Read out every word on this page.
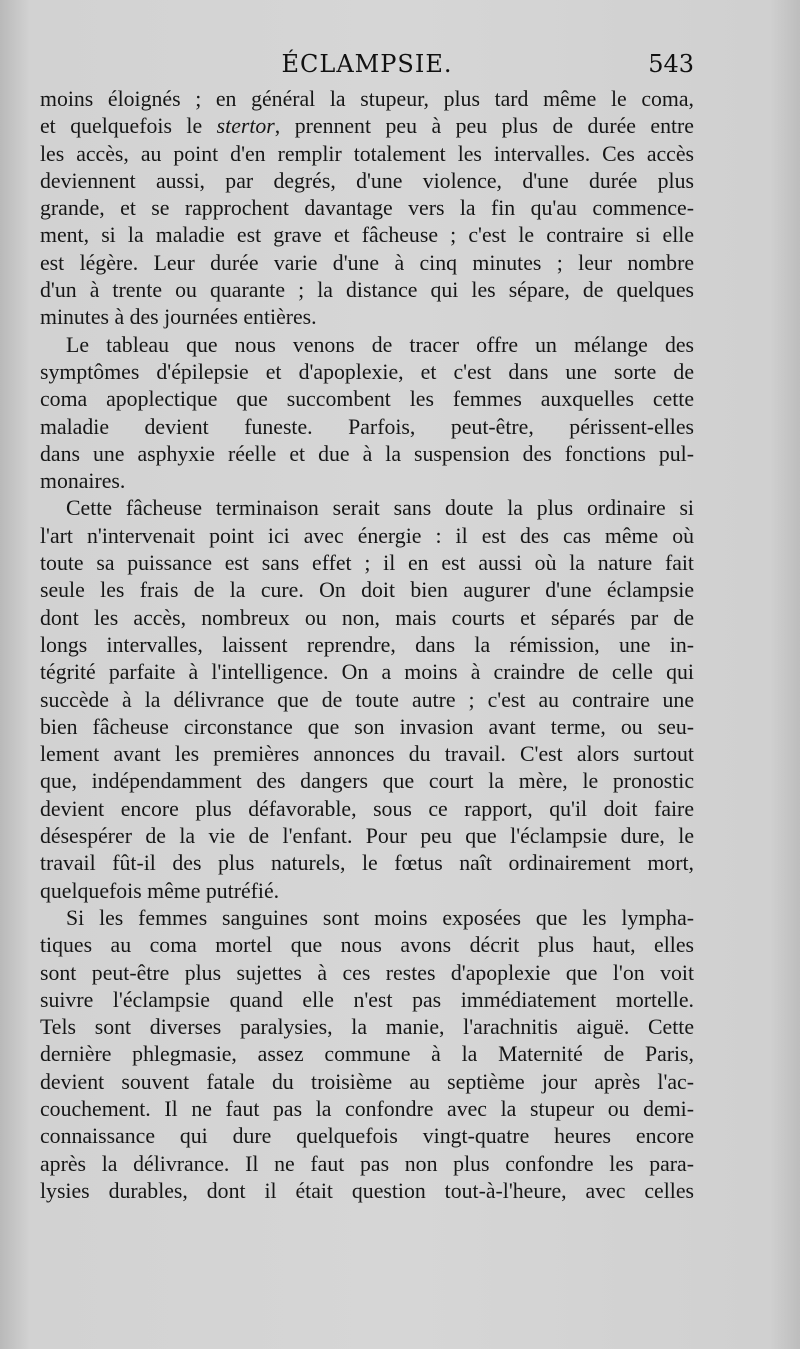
ÉCLAMPSIE.	543
moins éloignés ; en général la stupeur, plus tard même le coma,
et quelquefois le stertor, prennent peu à peu plus de durée entre
les accès, au point d'en remplir totalement les intervalles. Ces accès
deviennent aussi, par degrés, d'une violence, d'une durée plus
grande, et se rapprochent davantage vers la fin qu'au commence-
ment, si la maladie est grave et fâcheuse ; c'est le contraire si elle
est légère. Leur durée varie d'une à cinq minutes ; leur nombre
d'un à trente ou quarante ; la distance qui les sépare, de quelques
minutes à des journées entières.
Le tableau que nous venons de tracer offre un mélange des
symptômes d'épilepsie et d'apoplexie, et c'est dans une sorte de
coma apoplectique que succombent les femmes auxquelles cette
maladie devient funeste. Parfois, peut-être, périssent-elles
dans une asphyxie réelle et due à la suspension des fonctions pul-
monaires.
Cette fâcheuse terminaison serait sans doute la plus ordinaire si
l'art n'intervenait point ici avec énergie : il est des cas même où
toute sa puissance est sans effet ; il en est aussi où la nature fait
seule les frais de la cure. On doit bien augurer d'une éclampsie
dont les accès, nombreux ou non, mais courts et séparés par de
longs intervalles, laissent reprendre, dans la rémission, une in-
tégrité parfaite à l'intelligence. On a moins à craindre de celle qui
succède à la délivrance que de toute autre ; c'est au contraire une
bien fâcheuse circonstance que son invasion avant terme, ou seu-
lement avant les premières annonces du travail. C'est alors surtout
que, indépendamment des dangers que court la mère, le pronostic
devient encore plus défavorable, sous ce rapport, qu'il doit faire
désespérer de la vie de l'enfant. Pour peu que l'éclampsie dure, le
travail fût-il des plus naturels, le fœtus naît ordinairement mort,
quelquefois même putréfié.
Si les femmes sanguines sont moins exposées que les lympha-
tiques au coma mortel que nous avons décrit plus haut, elles
sont peut-être plus sujettes à ces restes d'apoplexie que l'on voit
suivre l'éclampsie quand elle n'est pas immédiatement mortelle.
Tels sont diverses paralysies, la manie, l'arachnitis aiguë. Cette
dernière phlegmasie, assez commune à la Maternité de Paris,
devient souvent fatale du troisième au septième jour après l'ac-
couchement. Il ne faut pas la confondre avec la stupeur ou demi-
connaissance qui dure quelquefois vingt-quatre heures encore
après la délivrance. Il ne faut pas non plus confondre les para-
lysies durables, dont il était question tout-à-l'heure, avec celles
